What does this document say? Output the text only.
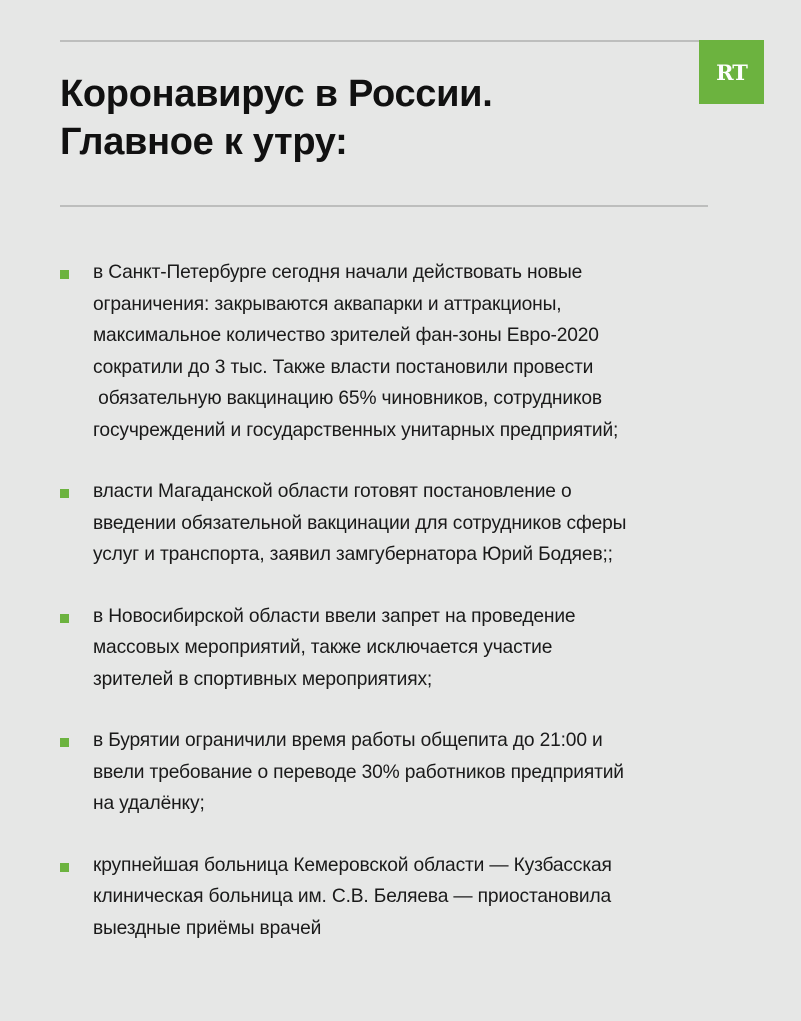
Коронавирус в России.
Главное к утру:
RT
в Санкт-Петербурге сегодня начали действовать новые
ограничения: закрываются аквапарки и аттракционы,
максимальное количество зрителей фан-зоны Евро-2020
сократили до 3 тыс. Также власти постановили провести
обязательную вакцинацию 65% чиновников, сотрудников
госучреждений и государственных унитарных предприятий;
власти Магаданской области готовят постановление о
введении обязательной вакцинации для сотрудников сферы
услуг и транспорта, заявил замгубернатора Юрий Бодяев;;
в Новосибирской области ввели запрет на проведение
массовых мероприятий, также исключается участие
зрителей в спортивных мероприятиях;
в Бурятии ограничили время работы общепита до 21:00 и
ввели требование о переводе 30% работников предприятий
на удалёнку;
крупнейшая больница Кемеровской области — Кузбасская
клиническая больница им. С.В. Беляева — приостановила
выездные приёмы врачей
